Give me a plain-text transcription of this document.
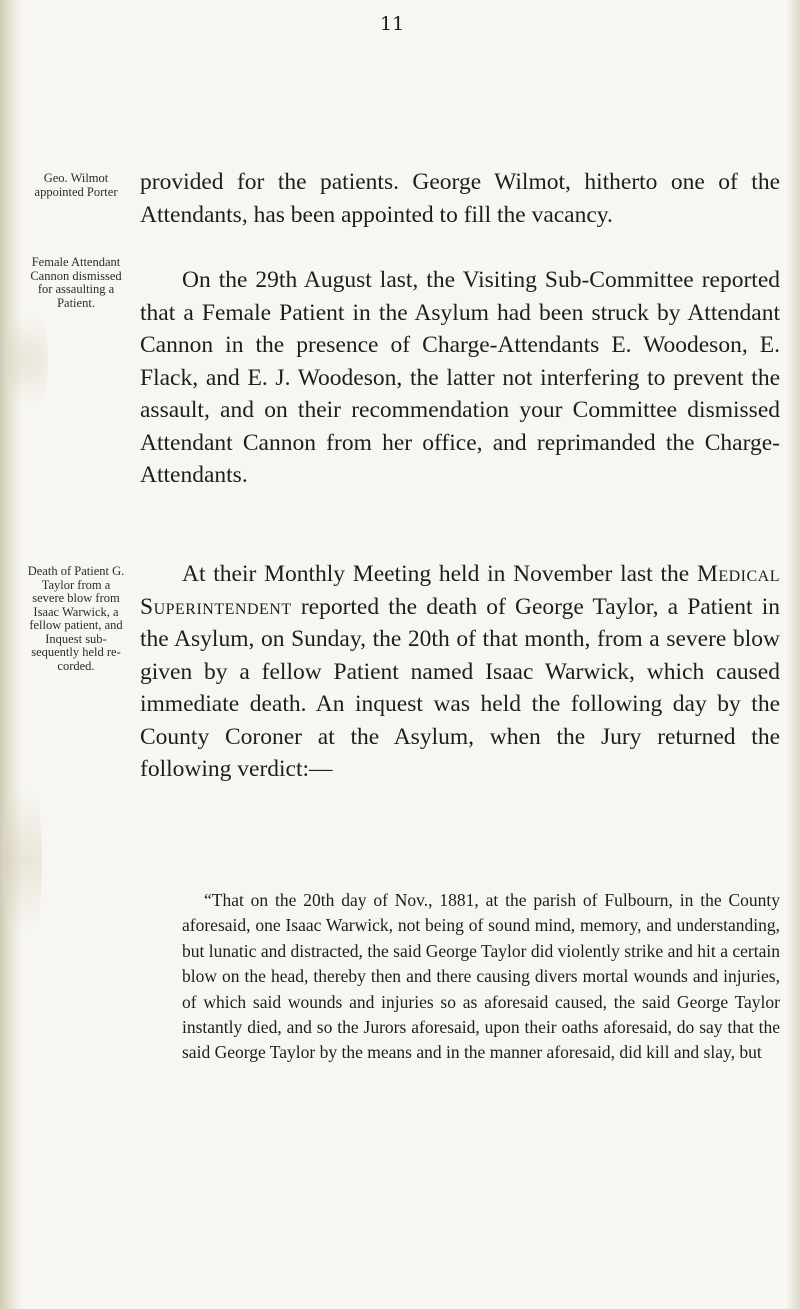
11
Geo. Wilmot appointed Porter
Female Attendant Cannon dismissed for assaulting a Patient.
Death of Patient G. Taylor from a severe blow from Isaac Warwick, a fellow patient, and Inquest subsequently held recorded.
provided for the patients. George Wilmot, hitherto one of the Attendants, has been appointed to fill the vacancy.
On the 29th August last, the Visiting Sub-Committee reported that a Female Patient in the Asylum had been struck by Attendant Cannon in the presence of Charge-Attendants E. Woodeson, E. Flack, and E. J. Woodeson, the latter not interfering to prevent the assault, and on their recommendation your Committee dismissed Attendant Cannon from her office, and reprimanded the Charge-Attendants.
At their Monthly Meeting held in November last the Medical Superintendent reported the death of George Taylor, a Patient in the Asylum, on Sunday, the 20th of that month, from a severe blow given by a fellow Patient named Isaac Warwick, which caused immediate death. An inquest was held the following day by the County Coroner at the Asylum, when the Jury returned the following verdict:—
“That on the 20th day of Nov., 1881, at the parish of Fulbourn, in the County aforesaid, one Isaac Warwick, not being of sound mind, memory, and understanding, but lunatic and distracted, the said George Taylor did violently strike and hit a certain blow on the head, thereby then and there causing divers mortal wounds and injuries, of which said wounds and injuries so as aforesaid caused, the said George Taylor instantly died, and so the Jurors aforesaid, upon their oaths aforesaid, do say that the said George Taylor by the means and in the manner aforesaid, did kill and slay, but
